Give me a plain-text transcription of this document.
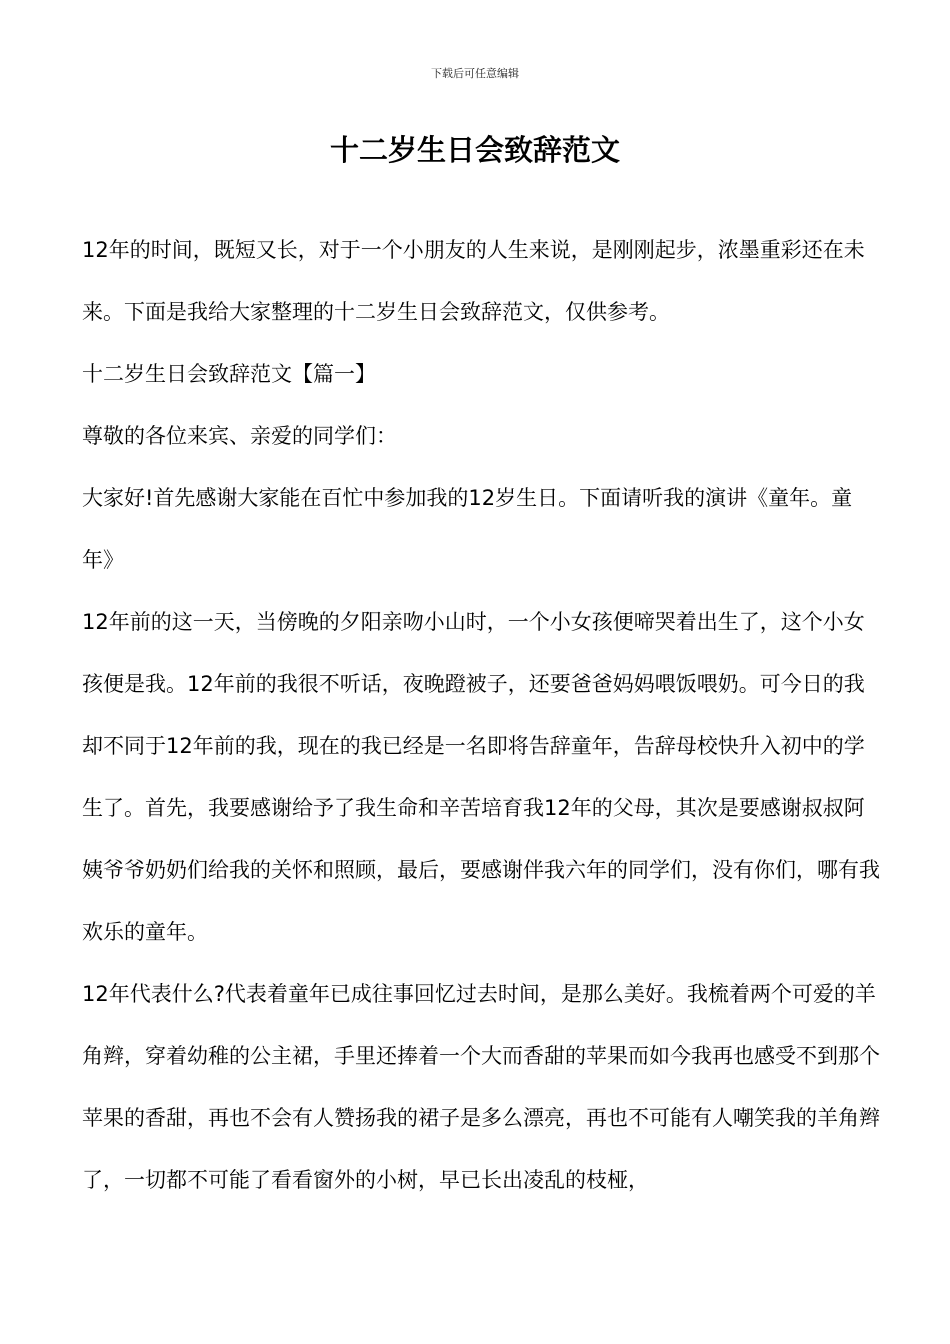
下载后可任意编辑
十二岁生日会致辞范文

12年的时间，既短又长，对于一个小朋友的人生来说，是刚刚起步，浓墨重彩还在未来。下面是我给大家整理的十二岁生日会致辞范文，仅供参考。

十二岁生日会致辞范文【篇一】

尊敬的各位来宾、亲爱的同学们：

大家好!首先感谢大家能在百忙中参加我的12岁生日。下面请听我的演讲《童年。童年》

12年前的这一天，当傍晚的夕阳亲吻小山时，一个小女孩便啼哭着出生了，这个小女孩便是我。12年前的我很不听话，夜晚蹬被子，还要爸爸妈妈喂饭喂奶。可今日的我却不同于12年前的我，现在的我已经是一名即将告辞童年，告辞母校快升入初中的学生了。首先，我要感谢给予了我生命和辛苦培育我12年的父母，其次是要感谢叔叔阿姨爷爷奶奶们给我的关怀和照顾，最后，要感谢伴我六年的同学们，没有你们，哪有我欢乐的童年。

12年代表什么?代表着童年已成往事回忆过去时间，是那么美好。我梳着两个可爱的羊角辫，穿着幼稚的公主裙，手里还捧着一个大而香甜的苹果而如今我再也感受不到那个苹果的香甜，再也不会有人赞扬我的裙子是多么漂亮，再也不可能有人嘲笑我的羊角辫了，一切都不可能了看看窗外的小树，早已长出凌乱的枝桠，
